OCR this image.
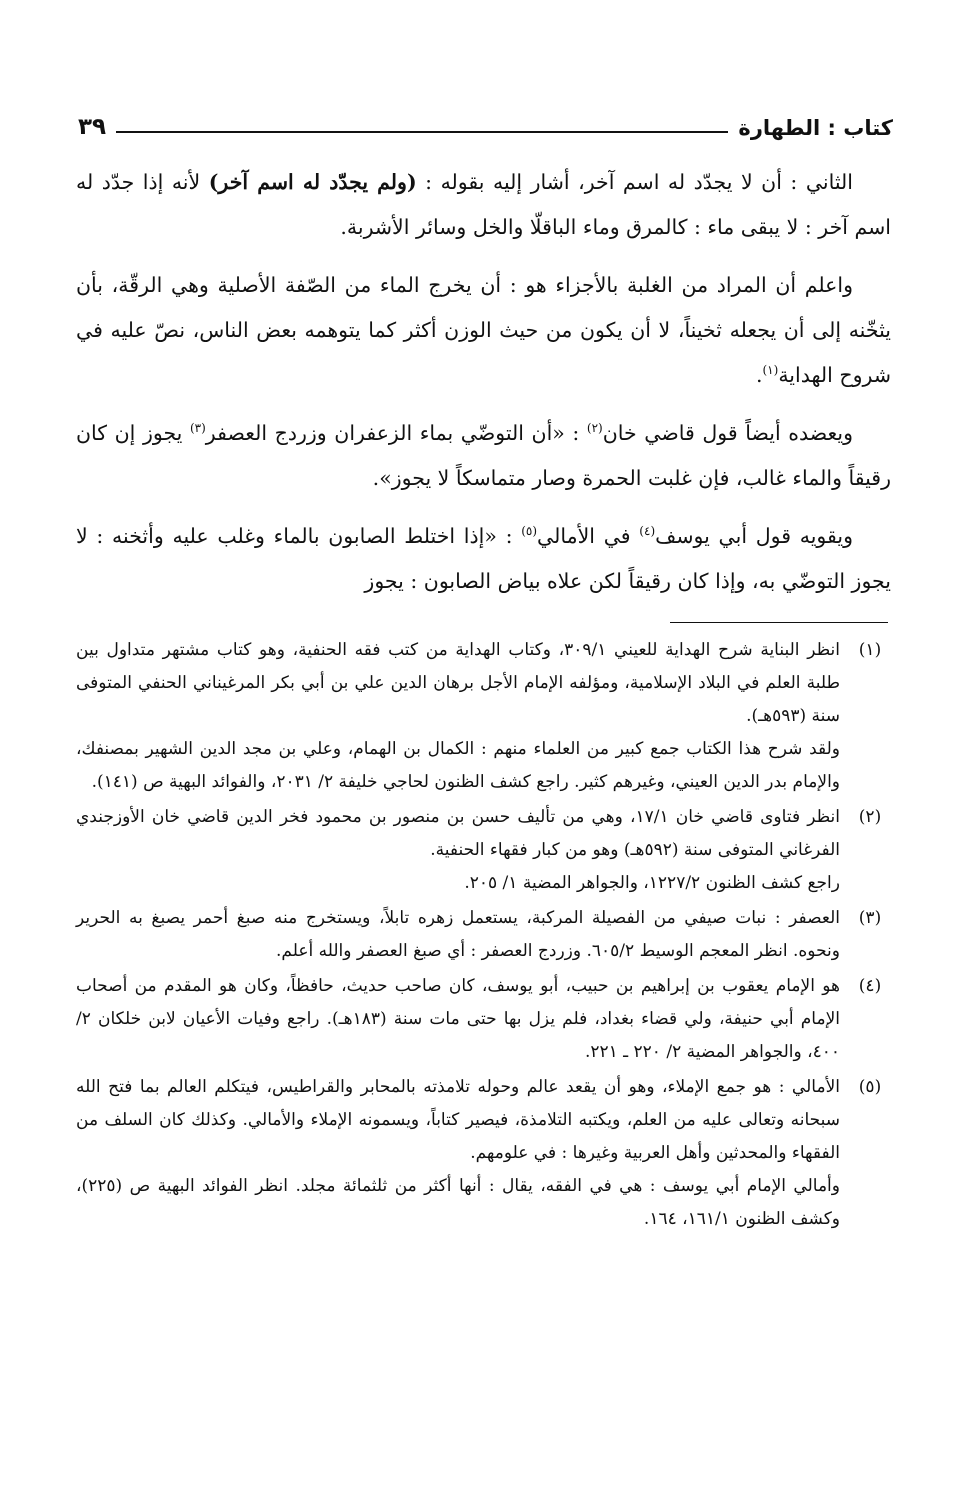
كتاب : الطهارة
٣٩

الثاني : أن لا يجدّد له اسم آخر، أشار إليه بقوله : (ولم يجدّد له اسم آخر) لأنه إذا جدّد له اسم آخر : لا يبقى ماء : كالمرق وماء الباقلّا والخل وسائر الأشربة.

واعلم أن المراد من الغلبة بالأجزاء هو : أن يخرج الماء من الصّفة الأصلية وهي الرقّة، بأن يثخّنه إلى أن يجعله ثخيناً، لا أن يكون من حيث الوزن أكثر كما يتوهمه بعض الناس، نصّ عليه في شروح الهداية$^{(١)}$.

ويعضده أيضاً قول قاضي خان$^{(٢)}$ : «أن التوضّي بماء الزعفران وزردج العصفر$^{(٣)}$ يجوز إن كان رقيقاً والماء غالب، فإن غلبت الحمرة وصار متماسكاً لا يجوز».

ويقويه قول أبي يوسف$^{(٤)}$ في الأمالي$^{(٥)}$ : «إذا اختلط الصابون بالماء وغلب عليه وأثخنه : لا يجوز التوضّي به، وإذا كان رقيقاً لكن علاه بياض الصابون : يجوز

(١)

انظر البناية شرح الهداية للعيني ٣٠٩/١، وكتاب الهداية من كتب فقه الحنفية، وهو كتاب مشتهر متداول بين طلبة العلم في البلاد الإسلامية، ومؤلفه الإمام الأجل برهان الدين علي بن أبي بكر المرغيناني الحنفي المتوفى سنة (٥٩٣هـ).

ولقد شرح هذا الكتاب جمع كبير من العلماء منهم : الكمال بن الهمام، وعلي بن مجد الدين الشهير بمصنفك، والإمام بدر الدين العيني، وغيرهم كثير. راجع كشف الظنون لحاجي خليفة ٢/ ٢٠٣١، والفوائد البهية ص (١٤١).

(٢)

انظر فتاوى قاضي خان ١٧/١، وهي من تأليف حسن بن منصور بن محمود فخر الدين قاضي خان الأوزجندي الفرغاني المتوفى سنة (٥٩٢هـ) وهو من كبار فقهاء الحنفية.

راجع كشف الظنون ١٢٢٧/٢، والجواهر المضية ١/ ٢٠٥.

(٣)

العصفر : نبات صيفي من الفصيلة المركبة، يستعمل زهره تابلاً، ويستخرج منه صبغ أحمر يصبغ به الحرير ونحوه. انظر المعجم الوسيط ٦٠٥/٢. وزردج العصفر : أي صبغ العصفر والله أعلم.

(٤)

هو الإمام يعقوب بن إبراهيم بن حبيب، أبو يوسف، كان صاحب حديث، حافظاً، وكان هو المقدم من أصحاب الإمام أبي حنيفة، ولي قضاء بغداد، فلم يزل بها حتى مات سنة (١٨٣هـ). راجع وفيات الأعيان لابن خلكان ٢/ ٤٠٠، والجواهر المضية ٢/ ٢٢٠ ـ ٢٢١.

(٥)

الأمالي : هو جمع الإملاء، وهو أن يقعد عالم وحوله تلامذته بالمحابر والقراطيس، فيتكلم العالم بما فتح الله سبحانه وتعالى عليه من العلم، ويكتبه التلامذة، فيصير كتاباً، ويسمونه الإملاء والأمالي. وكذلك كان السلف من الفقهاء والمحدثين وأهل العربية وغيرها : في علومهم.

وأمالي الإمام أبي يوسف : هي في الفقه، يقال : أنها أكثر من ثلثمائة مجلد. انظر الفوائد البهية ص (٢٢٥)، وكشف الظنون ١٦١/١، ١٦٤.
